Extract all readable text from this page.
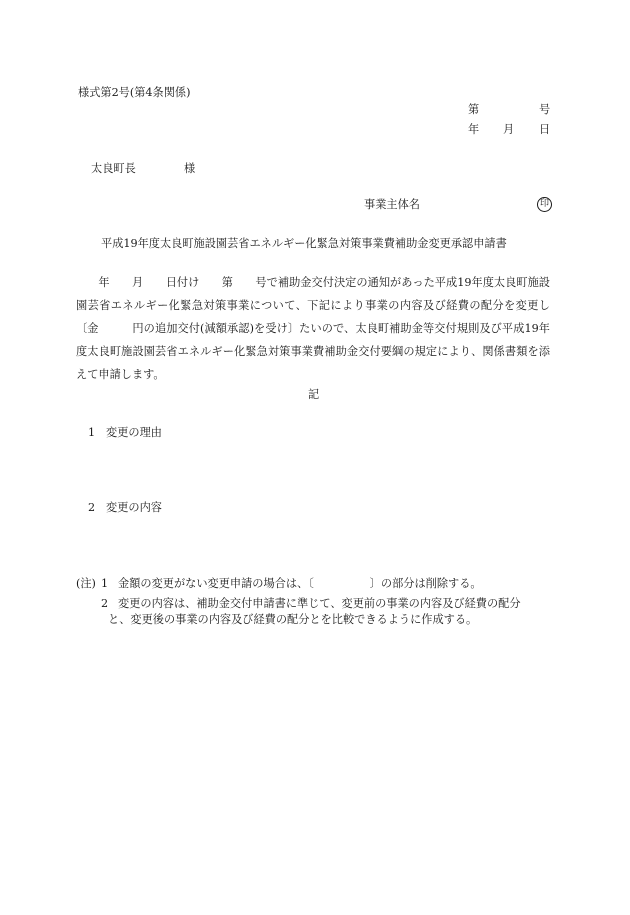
様式第2号(第4条関係)
第	号
年 月 日
太良町長	様
事業主体名	印
平成19年度太良町施設園芸省エネルギー化緊急対策事業費補助金変更承認申請書
年　　月　　日付け　　第　　号で補助金交付決定の通知があった平成19年度太良町施設園芸省エネルギー化緊急対策事業について、下記により事業の内容及び経費の配分を変更し〔金　　　円の追加交付(減額承認)を受け〕たいので、太良町補助金等交付規則及び平成19年度太良町施設園芸省エネルギー化緊急対策事業費補助金交付要綱の規定により、関係書類を添えて申請します。
記
1 変更の理由
2 変更の内容
(注) 1 金額の変更がない変更申請の場合は、〔　　　　　〕の部分は削除する。
2 変更の内容は、補助金交付申請書に準じて、変更前の事業の内容及び経費の配分
と、変更後の事業の内容及び経費の配分とを比較できるように作成する。
